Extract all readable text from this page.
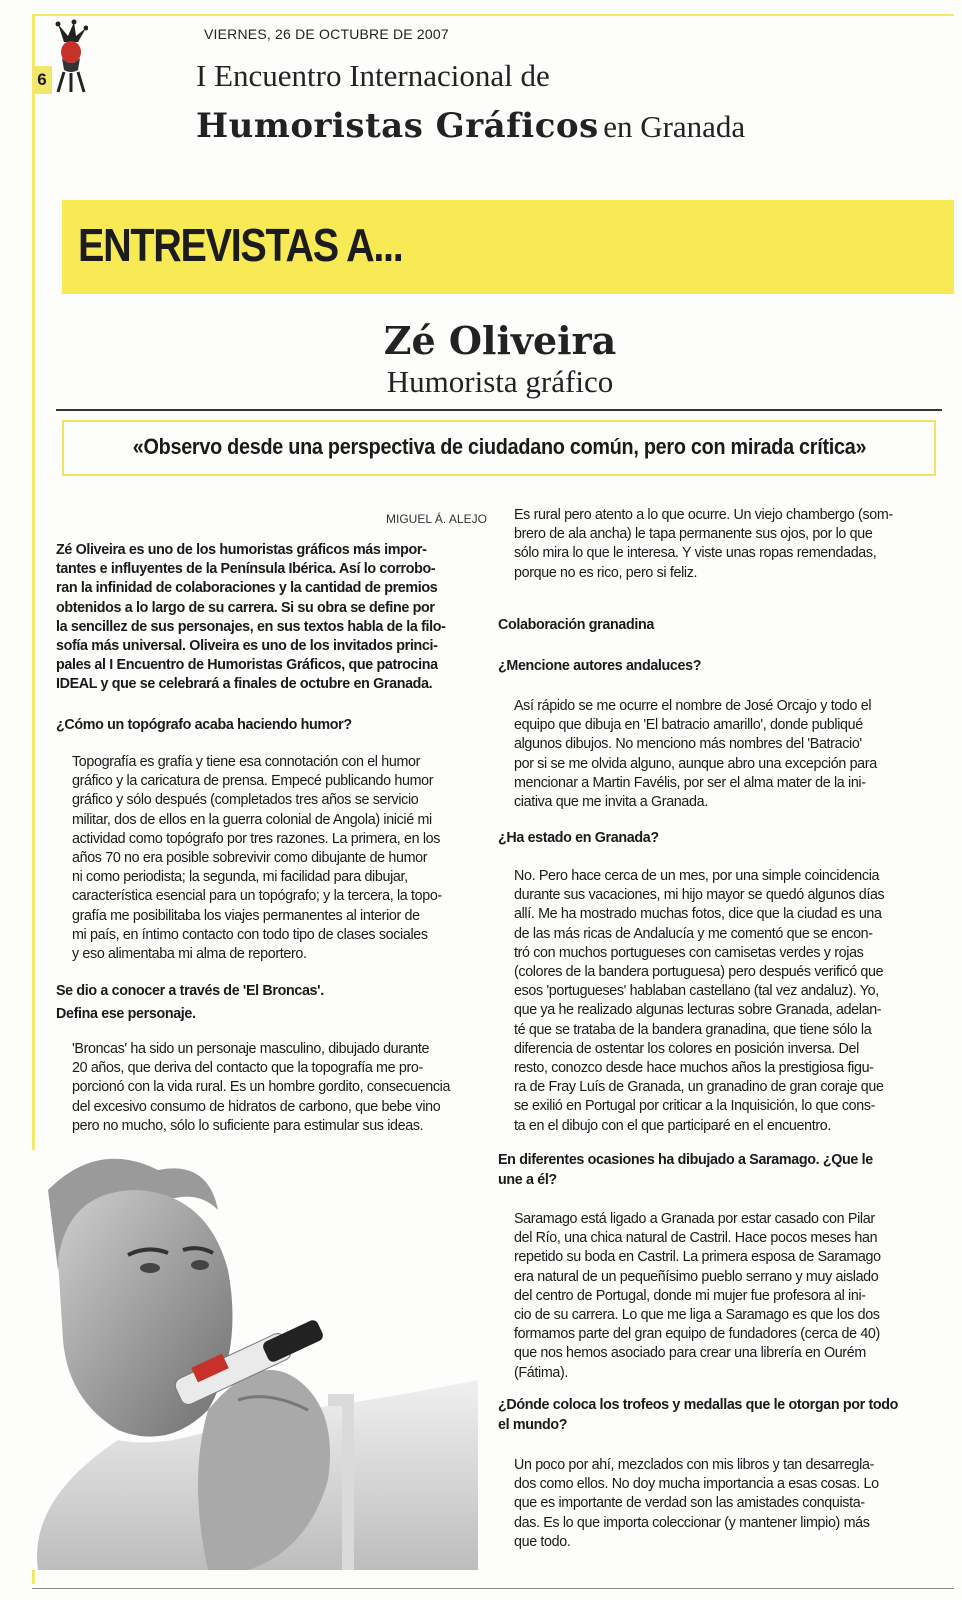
6
VIERNES, 26 DE OCTUBRE DE 2007
I Encuentro Internacional de
Humoristas Gráficos en Granada
ENTREVISTAS A...
Zé Oliveira
Humorista gráfico
«Observo desde una perspectiva de ciudadano común, pero con mirada crítica»
MIGUEL Á. ALEJO
Zé Oliveira es uno de los humoristas gráficos más impor-
tantes e influyentes de la Península Ibérica. Así lo corrobo-
ran la infinidad de colaboraciones y la cantidad de premios
obtenidos a lo largo de su carrera. Si su obra se define por
la sencillez de sus personajes, en sus textos habla de la filo-
sofía más universal. Oliveira es uno de los invitados princi-
pales al I Encuentro de Humoristas Gráficos, que patrocina
IDEAL y que se celebrará a finales de octubre en Granada.
¿Cómo un topógrafo acaba haciendo humor?
Topografía es grafía y tiene esa connotación con el humor
gráfico y la caricatura de prensa. Empecé publicando humor
gráfico y sólo después (completados tres años se servicio
militar, dos de ellos en la guerra colonial de Angola) inicié mi
actividad como topógrafo por tres razones. La primera, en los
años 70 no era posible sobrevivir como dibujante de humor
ni como periodista; la segunda, mi facilidad para dibujar,
característica esencial para un topógrafo; y la tercera, la topo-
grafía me posibilitaba los viajes permanentes al interior de
mi país, en íntimo contacto con todo tipo de clases sociales
y eso alimentaba mi alma de reportero.
Se dio a conocer a través de 'El Broncas'.
Defina ese personaje.
'Broncas' ha sido un personaje masculino, dibujado durante
20 años, que deriva del contacto que la topografía me pro-
porcionó con la vida rural. Es un hombre gordito, consecuencia
del excesivo consumo de hidratos de carbono, que bebe vino
pero no mucho, sólo lo suficiente para estimular sus ideas.
Es rural pero atento a lo que ocurre. Un viejo chambergo (som-
brero de ala ancha) le tapa permanente sus ojos, por lo que
sólo mira lo que le interesa. Y viste unas ropas remendadas,
porque no es rico, pero si feliz.
Colaboración granadina
¿Mencione autores andaluces?
Así rápido se me ocurre el nombre de José Orcajo y todo el
equipo que dibuja en 'El batracio amarillo', donde publiqué
algunos dibujos. No menciono más nombres del 'Batracio'
por si se me olvida alguno, aunque abro una excepción para
mencionar a Martin Favélis, por ser el alma mater de la ini-
ciativa que me invita a Granada.
¿Ha estado en Granada?
No. Pero hace cerca de un mes, por una simple coincidencia
durante sus vacaciones, mi hijo mayor se quedó algunos días
allí. Me ha mostrado muchas fotos, dice que la ciudad es una
de las más ricas de Andalucía y me comentó que se encon-
tró con muchos portugueses con camisetas verdes y rojas
(colores de la bandera portuguesa) pero después verificó que
esos 'portugueses' hablaban castellano (tal vez andaluz). Yo,
que ya he realizado algunas lecturas sobre Granada, adelan-
té que se trataba de la bandera granadina, que tiene sólo la
diferencia de ostentar los colores en posición inversa. Del
resto, conozco desde hace muchos años la prestigiosa figu-
ra de Fray Luís de Granada, un granadino de gran coraje que
se exilió en Portugal por criticar a la Inquisición, lo que cons-
ta en el dibujo con el que participaré en el encuentro.
En diferentes ocasiones ha dibujado a Saramago. ¿Que le
une a él?
Saramago está ligado a Granada por estar casado con Pilar
del Río, una chica natural de Castril. Hace pocos meses han
repetido su boda en Castril. La primera esposa de Saramago
era natural de un pequeñísimo pueblo serrano y muy aislado
del centro de Portugal, donde mi mujer fue profesora al ini-
cio de su carrera. Lo que me liga a Saramago es que los dos
formamos parte del gran equipo de fundadores (cerca de 40)
que nos hemos asociado para crear una librería en Ourém
(Fátima).
¿Dónde coloca los trofeos y medallas que le otorgan por todo
el mundo?
Un poco por ahí, mezclados con mis libros y tan desarregla-
dos como ellos. No doy mucha importancia a esas cosas. Lo
que es importante de verdad son las amistades conquista-
das. Es lo que importa coleccionar (y mantener limpio) más
que todo.
